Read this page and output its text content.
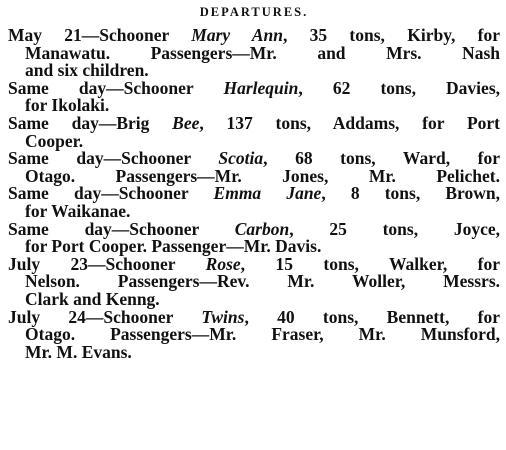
DEPARTURES.
May 21—Schooner Mary Ann, 35 tons, Kirby, for
Manawatu. Passengers—Mr. and Mrs. Nash
and six children.
Same day—Schooner Harlequin, 62 tons, Davies,
for Ikolaki.
Same day—Brig Bee, 137 tons, Addams, for Port
Cooper.
Same day—Schooner Scotia, 68 tons, Ward, for
Otago. Passengers—Mr. Jones, Mr. Pelichet.
Same day—Schooner Emma Jane, 8 tons, Brown,
for Waikanae.
Same day—Schooner Carbon, 25 tons, Joyce,
for Port Cooper. Passenger—Mr. Davis.
July 23—Schooner Rose, 15 tons, Walker, for
Nelson. Passengers—Rev. Mr. Woller, Messrs.
Clark and Kenng.
July 24—Schooner Twins, 40 tons, Bennett, for
Otago. Passengers—Mr. Fraser, Mr. Munsford,
Mr. M. Evans.
